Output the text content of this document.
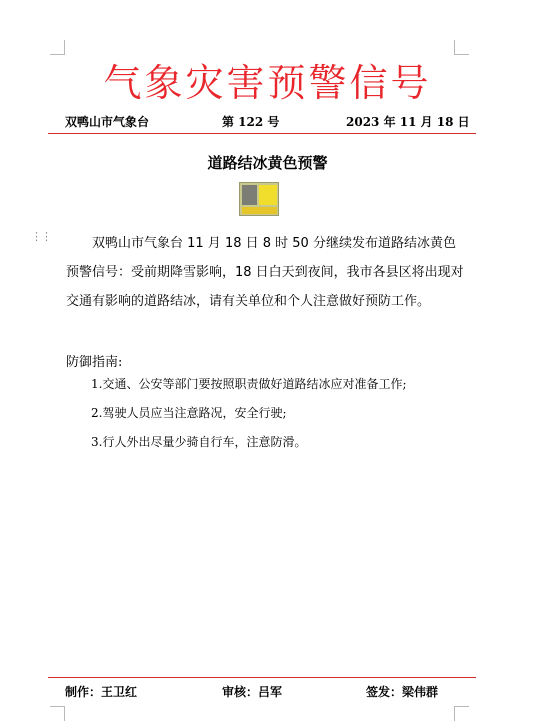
气象灾害预警信号
双鸭山市气象台	第 122 号	2023 年 11 月 18 日
道路结冰黄色预警
⋮⋮	双鸭山市气象台 11 月 18 日 8 时 50 分继续发布道路结冰黄色预警信号：受前期降雪影响，18 日白天到夜间，我市各县区将出现对交通有影响的道路结冰，请有关单位和个人注意做好预防工作。
防御指南:
1.交通、公安等部门要按照职责做好道路结冰应对准备工作;
2.驾驶人员应当注意路况，安全行驶;
3.行人外出尽量少骑自行车，注意防滑。
制作：王卫红	审核：吕军	签发：梁伟群
